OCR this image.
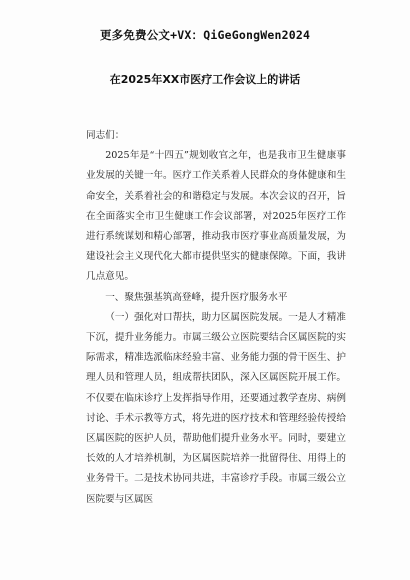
更多免费公文+VX：QiGeGongWen2024
在2025年XX市医疗工作会议上的讲话

同志们：

2025年是“十四五”规划收官之年，也是我市卫生健康事业发展的关键一年。医疗工作关系着人民群众的身体健康和生命安全，关系着社会的和谐稳定与发展。本次会议的召开，旨在全面落实全市卫生健康工作会议部署，对2025年医疗工作进行系统谋划和精心部署，推动我市医疗事业高质量发展，为建设社会主义现代化大都市提供坚实的健康保障。下面，我讲几点意见。

一、聚焦强基筑高登峰，提升医疗服务水平

（一）强化对口帮扶，助力区属医院发展。一是人才精准下沉，提升业务能力。市属三级公立医院要结合区属医院的实际需求，精准选派临床经验丰富、业务能力强的骨干医生、护理人员和管理人员，组成帮扶团队，深入区属医院开展工作。不仅要在临床诊疗上发挥指导作用，还要通过教学查房、病例讨论、手术示教等方式，将先进的医疗技术和管理经验传授给区属医院的医护人员，帮助他们提升业务水平。同时，要建立长效的人才培养机制，为区属医院培养一批留得住、用得上的业务骨干。二是技术协同共进，丰富诊疗手段。市属三级公立医院要与区属医
